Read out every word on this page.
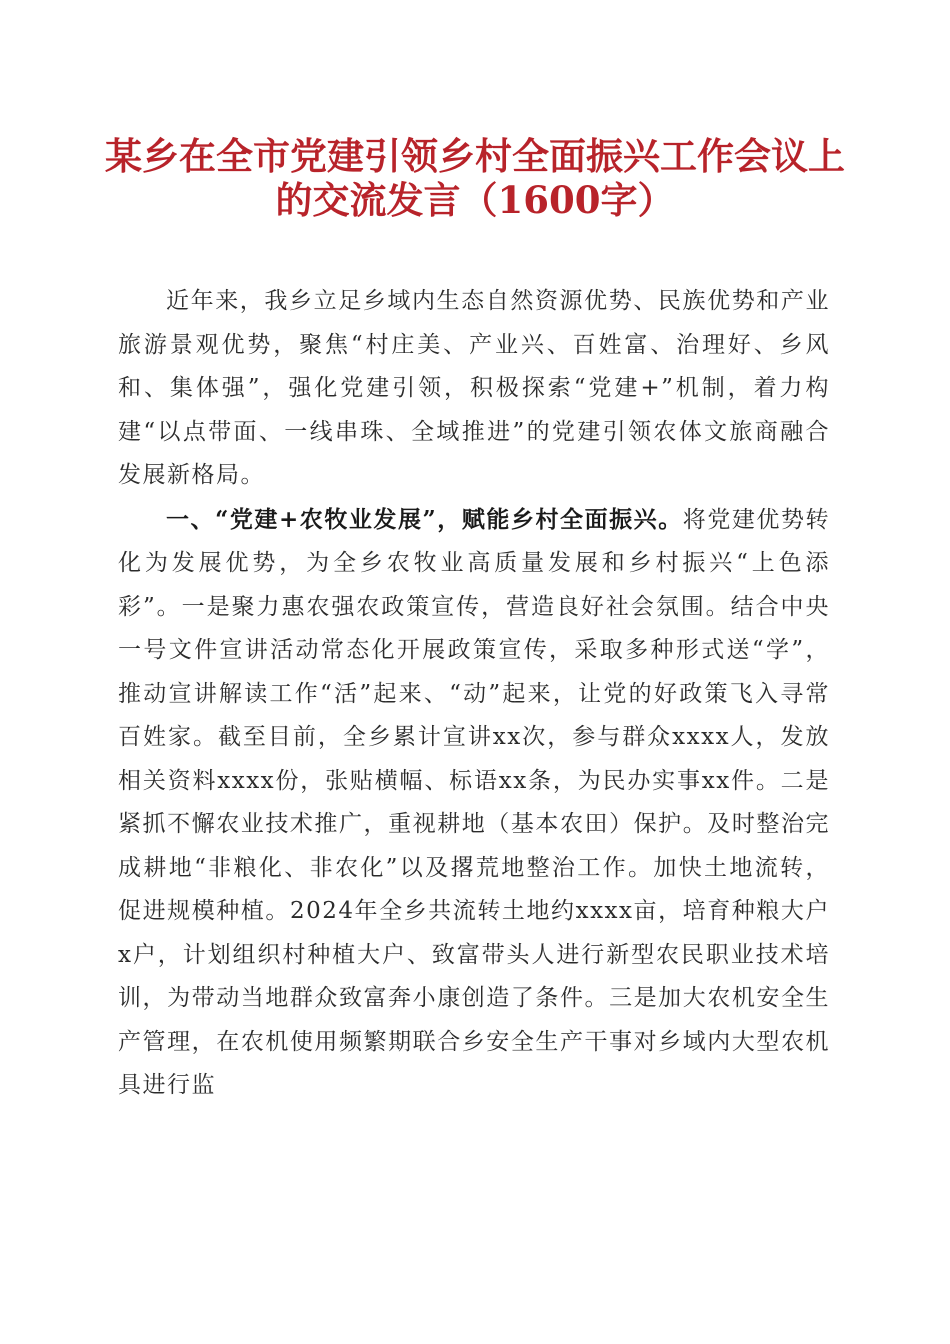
某乡在全市党建引领乡村全面振兴工作会议上
的交流发言（1600字）

近年来，我乡立足乡域内生态自然资源优势、民族优势和产业旅游景观优势，聚焦“村庄美、产业兴、百姓富、治理好、乡风和、集体强”，强化党建引领，积极探索“党建+”机制，着力构建“以点带面、一线串珠、全域推进”的党建引领农体文旅商融合发展新格局。

一、“党建+农牧业发展”，赋能乡村全面振兴。将党建优势转化为发展优势，为全乡农牧业高质量发展和乡村振兴“上色添彩”。一是聚力惠农强农政策宣传，营造良好社会氛围。结合中央一号文件宣讲活动常态化开展政策宣传，采取多种形式送“学”，推动宣讲解读工作“活”起来、“动”起来，让党的好政策飞入寻常百姓家。截至目前，全乡累计宣讲xx次，参与群众xxxx人，发放相关资料xxxx份，张贴横幅、标语xx条，为民办实事xx件。二是紧抓不懈农业技术推广，重视耕地（基本农田）保护。及时整治完成耕地“非粮化、非农化”以及撂荒地整治工作。加快土地流转，促进规模种植。2024年全乡共流转土地约xxxx亩，培育种粮大户x户，计划组织村种植大户、致富带头人进行新型农民职业技术培训，为带动当地群众致富奔小康创造了条件。三是加大农机安全生产管理，在农机使用频繁期联合乡安全生产干事对乡域内大型农机具进行监
